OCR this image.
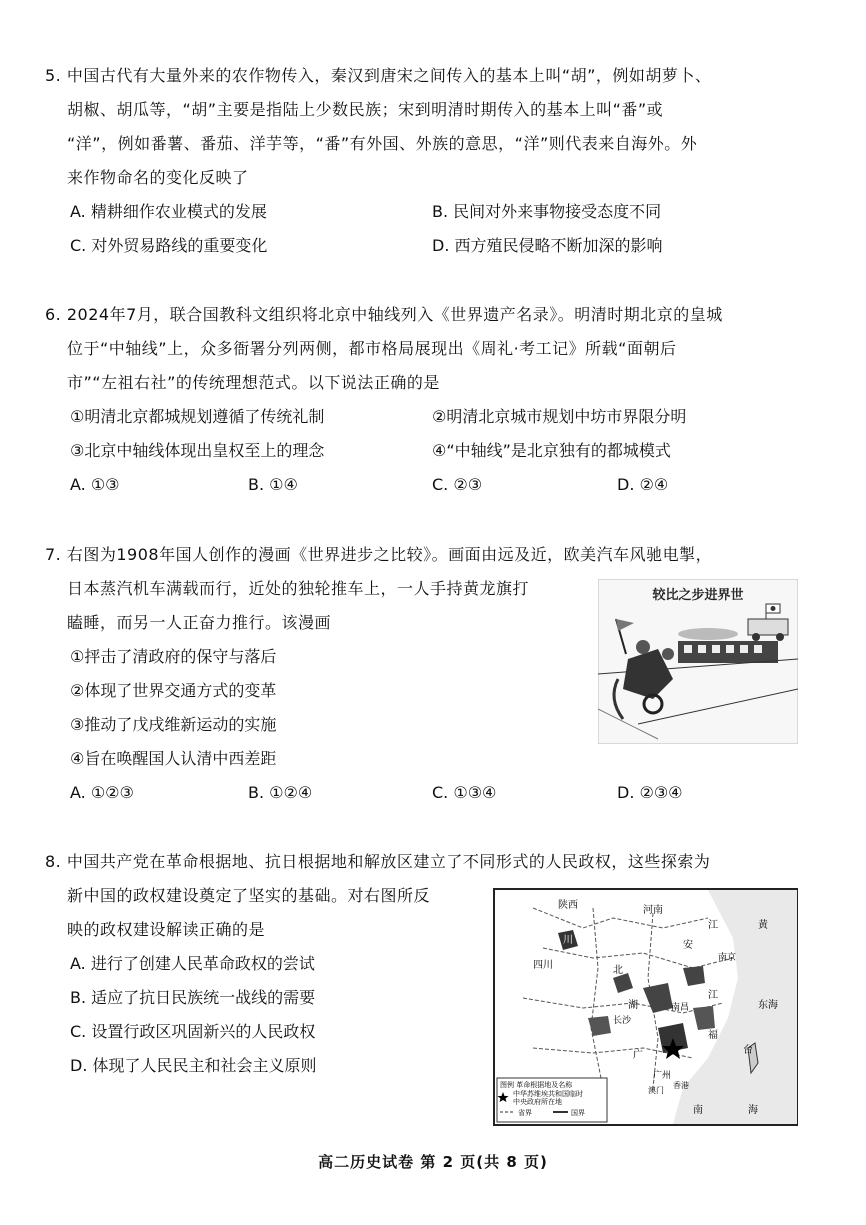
5. 中国古代有大量外来的农作物传入，秦汉到唐宋之间传入的基本上叫“胡”，例如胡萝卜、
胡椒、胡瓜等，“胡”主要是指陆上少数民族；宋到明清时期传入的基本上叫“番”或
“洋”，例如番薯、番茄、洋芋等，“番”有外国、外族的意思，“洋”则代表来自海外。外
来作物命名的变化反映了
A. 精耕细作农业模式的发展	B. 民间对外来事物接受态度不同
C. 对外贸易路线的重要变化	D. 西方殖民侵略不断加深的影响
6. 2024年7月，联合国教科文组织将北京中轴线列入《世界遗产名录》。明清时期北京的皇城
位于“中轴线”上，众多衙署分列两侧，都市格局展现出《周礼·考工记》所载“面朝后
市”“左祖右社”的传统理想范式。以下说法正确的是
①明清北京都城规划遵循了传统礼制	②明清北京城市规划中坊市界限分明
③北京中轴线体现出皇权至上的理念	④“中轴线”是北京独有的都城模式
A. ①③	B. ①④	C. ②③	D. ②④
7. 右图为1908年国人创作的漫画《世界进步之比较》。画面由远及近，欧美汽车风驰电掣，
日本蒸汽机车满载而行，近处的独轮推车上，一人手持黄龙旗打
瞌睡，而另一人正奋力推行。该漫画
①抨击了清政府的保守与落后
②体现了世界交通方式的变革
③推动了戊戌维新运动的实施
④旨在唤醒国人认清中西差距
A. ①②③	B. ①②④	C. ①③④	D. ②③④
较比之步进界世
8. 中国共产党在革命根据地、抗日根据地和解放区建立了不同形式的人民政权，这些探索为
新中国的政权建设奠定了坚实的基础。对右图所反
映的政权建设解读正确的是
A. 进行了创建人民革命政权的尝试
B. 适应了抗日民族统一战线的需要
C. 设置行政区巩固新兴的人民政权
D. 体现了人民民主和社会主义原则
陕西	河南
江
川	安
黄
四川	北
南京
湖
江
长沙
南昌
福
东海
台
广
广州
香港
澳门
南	海
图例 革命根据地及名称
中华苏维埃共和国临时
中央政府所在地
省界	国界
高二历史试卷 第 2 页(共 8 页)
